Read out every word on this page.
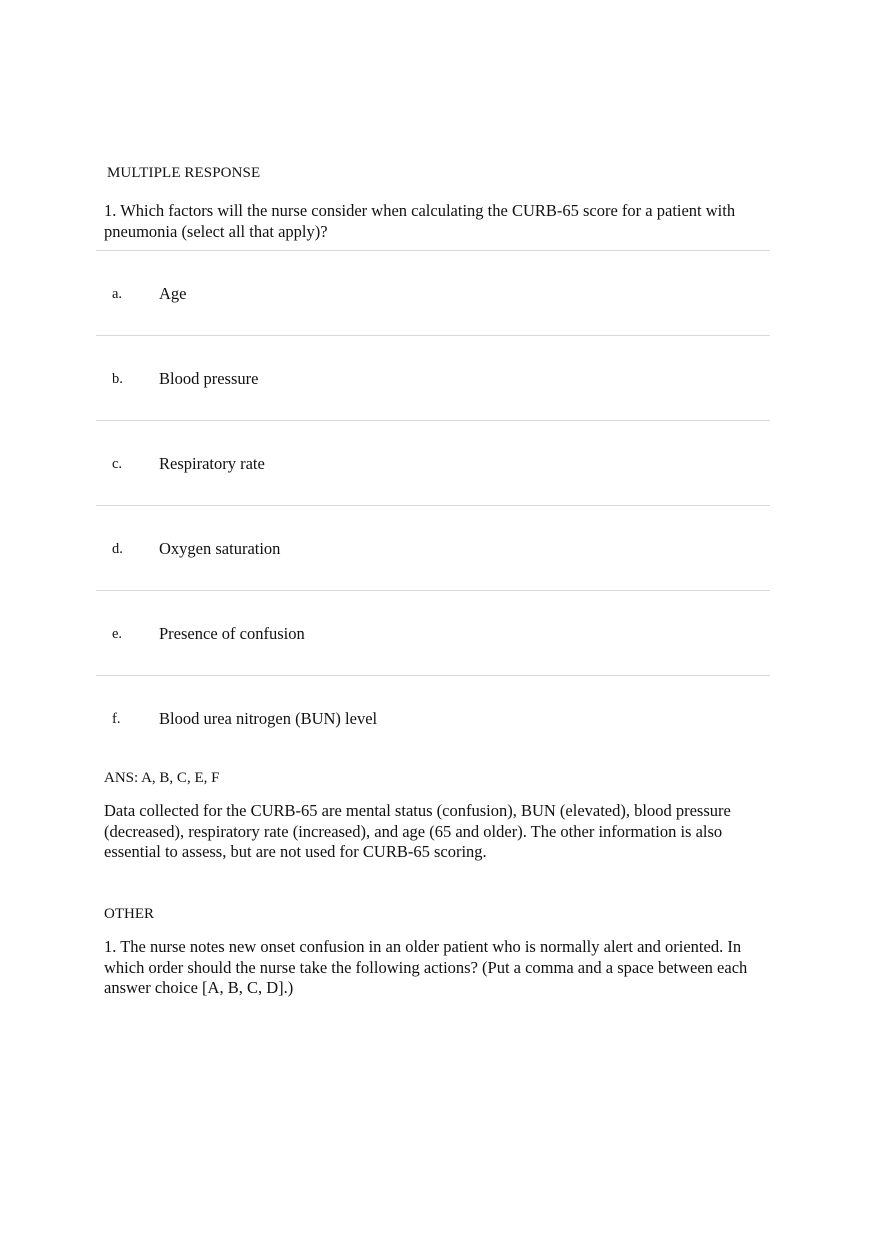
MULTIPLE RESPONSE
1. Which factors will the nurse consider when calculating the CURB-65 score for a patient with pneumonia (select all that apply)?
a. Age
b. Blood pressure
c. Respiratory rate
d. Oxygen saturation
e. Presence of confusion
f. Blood urea nitrogen (BUN) level
ANS: A, B, C, E, F
Data collected for the CURB-65 are mental status (confusion), BUN (elevated), blood pressure (decreased), respiratory rate (increased), and age (65 and older). The other information is also essential to assess, but are not used for CURB-65 scoring.
OTHER
1. The nurse notes new onset confusion in an older patient who is normally alert and oriented. In which order should the nurse take the following actions? (Put a comma and a space between each answer choice [A, B, C, D].)
